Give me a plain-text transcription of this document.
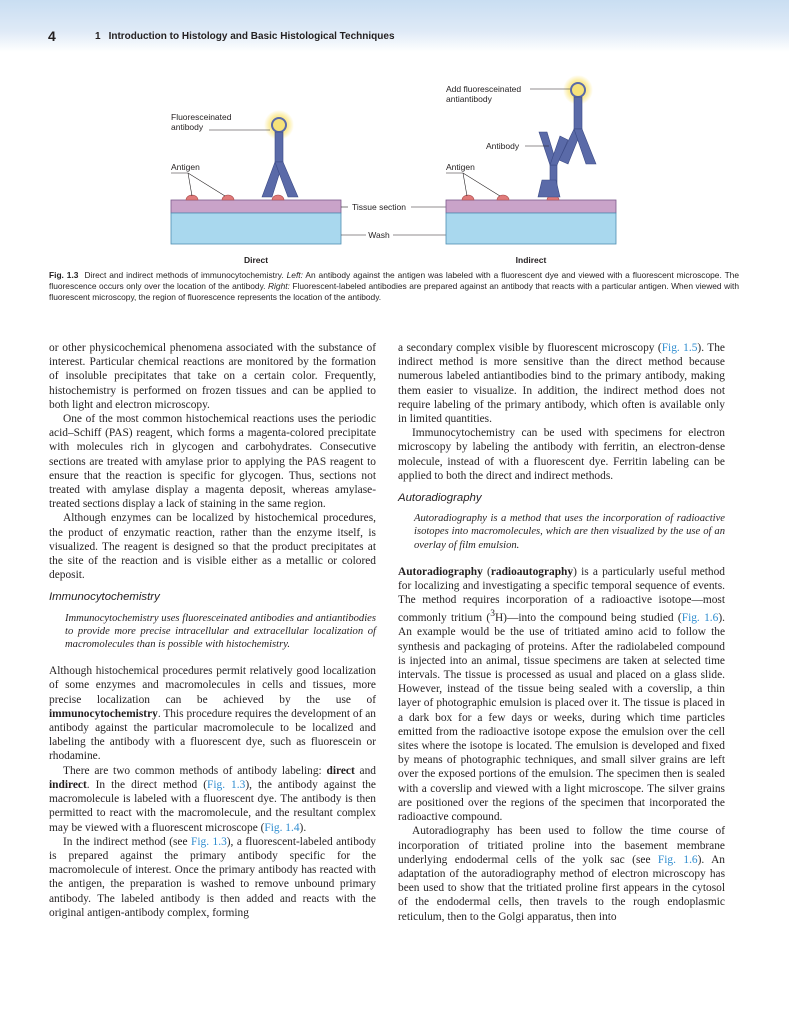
4	1 Introduction to Histology and Basic Histological Techniques
Fluoresceinated
antibody
Antigen
Direct
Tissue section
Wash
Add fluoresceinated
antiantibody
Antibody
Antigen
Indirect
Fig. 1.3 Direct and indirect methods of immunocytochemistry. Left: An antibody against the antigen was labeled with a fluorescent dye and viewed with a fluorescent microscope. The fluorescence occurs only over the location of the antibody. Right: Fluorescent-labeled antibodies are prepared against an antibody that reacts with a particular antigen. When viewed with fluorescent microscopy, the region of fluorescence represents the location of the antibody.

or other physicochemical phenomena associated with the substance of interest. Particular chemical reactions are monitored by the formation of insoluble precipitates that take on a certain color. Frequently, histochemistry is performed on frozen tissues and can be applied to both light and electron microscopy.

One of the most common histochemical reactions uses the periodic acid–Schiff (PAS) reagent, which forms a magenta-colored precipitate with molecules rich in glycogen and carbohydrates. Consecutive sections are treated with amylase prior to applying the PAS reagent to ensure that the reaction is specific for glycogen. Thus, sections not treated with amylase display a magenta deposit, whereas amylase-treated sections display a lack of staining in the same region.

Although enzymes can be localized by histochemical procedures, the product of enzymatic reaction, rather than the enzyme itself, is visualized. The reagent is designed so that the product precipitates at the site of the reaction and is visible either as a metallic or colored deposit.

Immunocytochemistry
Immunocytochemistry uses fluoresceinated antibodies and antiantibodies to provide more precise intracellular and extracellular localization of macromolecules than is possible with histochemistry.

Although histochemical procedures permit relatively good localization of some enzymes and macromolecules in cells and tissues, more precise localization can be achieved by the use of immunocytochemistry. This procedure requires the development of an antibody against the particular macromolecule to be localized and labeling the antibody with a fluorescent dye, such as fluorescein or rhodamine.

There are two common methods of antibody labeling: direct and indirect. In the direct method (Fig. 1.3), the antibody against the macromolecule is labeled with a fluorescent dye. The antibody is then permitted to react with the macromolecule, and the resultant complex may be viewed with a fluorescent microscope (Fig. 1.4).

In the indirect method (see Fig. 1.3), a fluorescent-labeled antibody is prepared against the primary antibody specific for the macromolecule of interest. Once the primary antibody has reacted with the antigen, the preparation is washed to remove unbound primary antibody. The labeled antibody is then added and reacts with the original antigen-antibody complex, forming

a secondary complex visible by fluorescent microscopy (Fig. 1.5). The indirect method is more sensitive than the direct method because numerous labeled antiantibodies bind to the primary antibody, making them easier to visualize. In addition, the indirect method does not require labeling of the primary antibody, which often is available only in limited quantities.

Immunocytochemistry can be used with specimens for electron microscopy by labeling the antibody with ferritin, an electron-dense molecule, instead of with a fluorescent dye. Ferritin labeling can be applied to both the direct and indirect methods.

Autoradiography
Autoradiography is a method that uses the incorporation of radioactive isotopes into macromolecules, which are then visualized by the use of an overlay of film emulsion.

Autoradiography (radioautography) is a particularly useful method for localizing and investigating a specific temporal sequence of events. The method requires incorporation of a radioactive isotope—most commonly tritium ($^3$H)—into the compound being studied (Fig. 1.6). An example would be the use of tritiated amino acid to follow the synthesis and packaging of proteins. After the radiolabeled compound is injected into an animal, tissue specimens are taken at selected time intervals. The tissue is processed as usual and placed on a glass slide. However, instead of the tissue being sealed with a coverslip, a thin layer of photographic emulsion is placed over it. The tissue is placed in a dark box for a few days or weeks, during which time particles emitted from the radioactive isotope expose the emulsion over the cell sites where the isotope is located. The emulsion is developed and fixed by means of photographic techniques, and small silver grains are left over the exposed portions of the emulsion. The specimen then is sealed with a coverslip and viewed with a light microscope. The silver grains are positioned over the regions of the specimen that incorporated the radioactive compound.

Autoradiography has been used to follow the time course of incorporation of tritiated proline into the basement membrane underlying endodermal cells of the yolk sac (see Fig. 1.6). An adaptation of the autoradiography method of electron microscopy has been used to show that the tritiated proline first appears in the cytosol of the endodermal cells, then travels to the rough endoplasmic reticulum, then to the Golgi apparatus, then into
